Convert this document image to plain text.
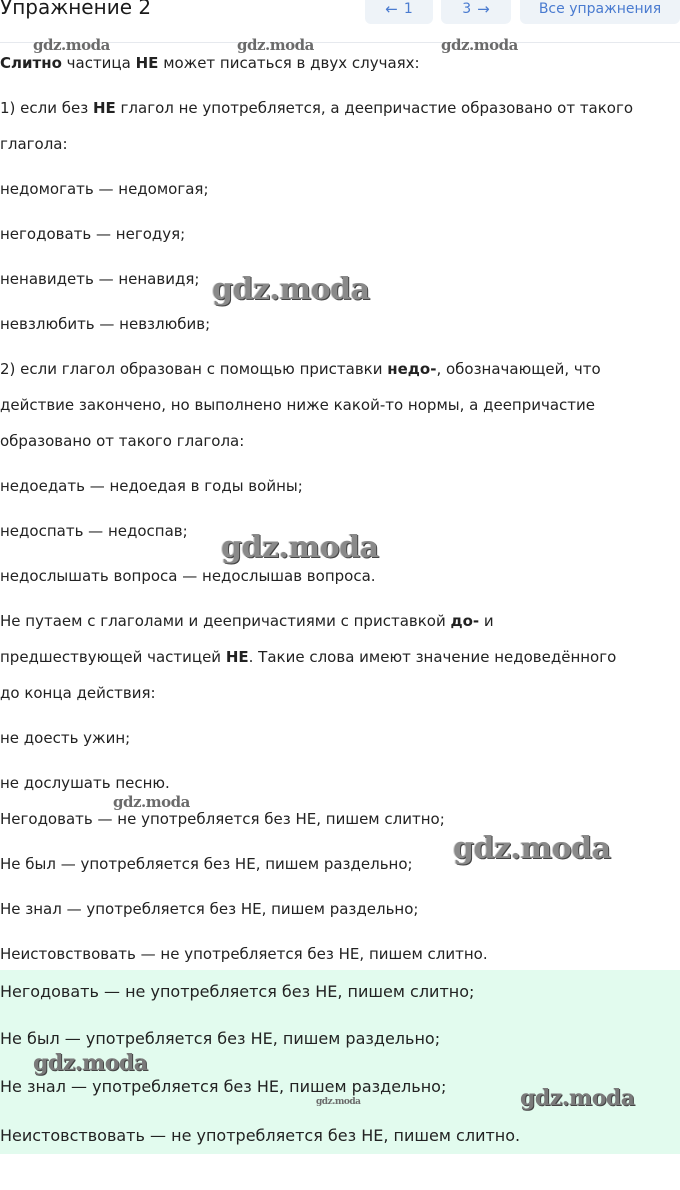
Упражнение 2	← 1	3 →	Все упражнения
Слитно частица НЕ может писаться в двух случаях:
1) если без НЕ глагол не употребляется, а деепричастие образовано от такого
глагола:
недомогать — недомогая;
негодовать — негодуя;
ненавидеть — ненавидя;
невзлюбить — невзлюбив;
2) если глагол образован с помощью приставки недо-, обозначающей, что
действие закончено, но выполнено ниже какой-то нормы, а деепричастие
образовано от такого глагола:
недоедать — недоедая в годы войны;
недоспать — недоспав;
недослышать вопроса — недослышав вопроса.
Не путаем с глаголами и деепричастиями с приставкой до- и
предшествующей частицей НЕ. Такие слова имеют значение недоведённого
до конца действия:
не доесть ужин;
не дослушать песню.
Негодовать — не употребляется без НЕ, пишем слитно;
Не был — употребляется без НЕ, пишем раздельно;
Не знал — употребляется без НЕ, пишем раздельно;
Неистовствовать — не употребляется без НЕ, пишем слитно.
Негодовать — не употребляется без НЕ, пишем слитно;
Не был — употребляется без НЕ, пишем раздельно;
Не знал — употребляется без НЕ, пишем раздельно;
Неистовствовать — не употребляется без НЕ, пишем слитно.
gdz.moda	gdz.moda	gdz.moda
gdz.moda
gdz.moda
gdz.moda
gdz.moda
gdz.moda
gdz.moda	gdz.moda
